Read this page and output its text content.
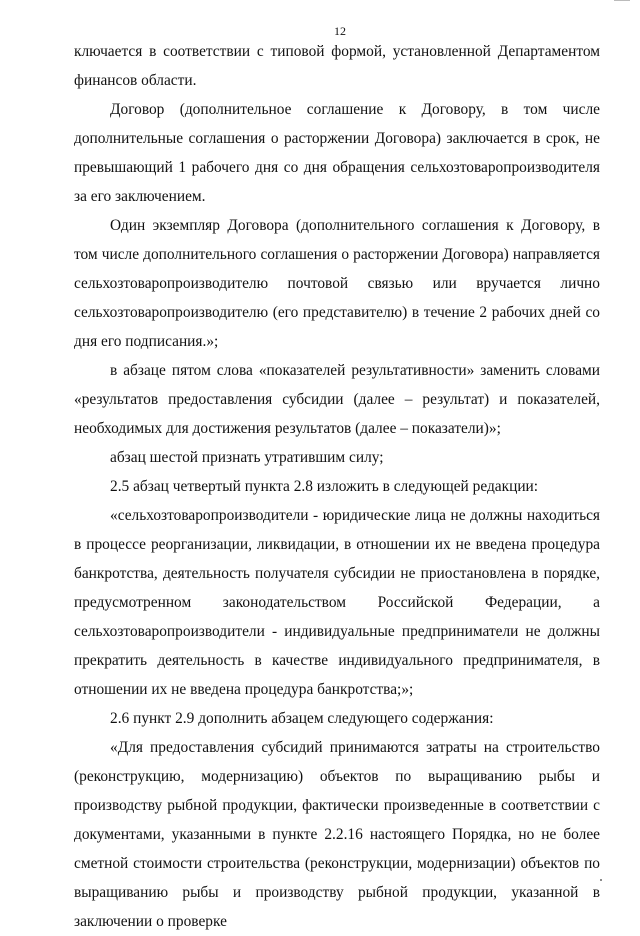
12

ключается в соответствии с типовой формой, установленной Департаментом финансов области.

Договор (дополнительное соглашение к Договору, в том числе дополнительные соглашения о расторжении Договора) заключается в срок, не превышающий 1 рабочего дня со дня обращения сельхозтоваропроизводителя за его заключением.

Один экземпляр Договора (дополнительного соглашения к Договору, в том числе дополнительного соглашения о расторжении Договора) направляется сельхозтоваропроизводителю почтовой связью или вручается лично сельхозтоваропроизводителю (его представителю) в течение 2 рабочих дней со дня его подписания.»;

в абзаце пятом слова «показателей результативности» заменить словами «результатов предоставления субсидии (далее – результат) и показателей, необходимых для достижения результатов (далее – показатели)»;

абзац шестой признать утратившим силу;

2.5 абзац четвертый пункта 2.8 изложить в следующей редакции:

«сельхозтоваропроизводители - юридические лица не должны находиться в процессе реорганизации, ликвидации, в отношении их не введена процедура банкротства, деятельность получателя субсидии не приостановлена в порядке, предусмотренном законодательством Российской Федерации, а сельхозтоваропроизводители - индивидуальные предприниматели не должны прекратить деятельность в качестве индивидуального предпринимателя, в отношении их не введена процедура банкротства;»;

2.6 пункт 2.9 дополнить абзацем следующего содержания:

«Для предоставления субсидий принимаются затраты на строительство (реконструкцию, модернизацию) объектов по выращиванию рыбы и производству рыбной продукции, фактически произведенные в соответствии с документами, указанными в пункте 2.2.16 настоящего Порядка, но не более сметной стоимости строительства (реконструкции, модернизации) объектов по выращиванию рыбы и производству рыбной продукции, указанной в заключении о проверке
